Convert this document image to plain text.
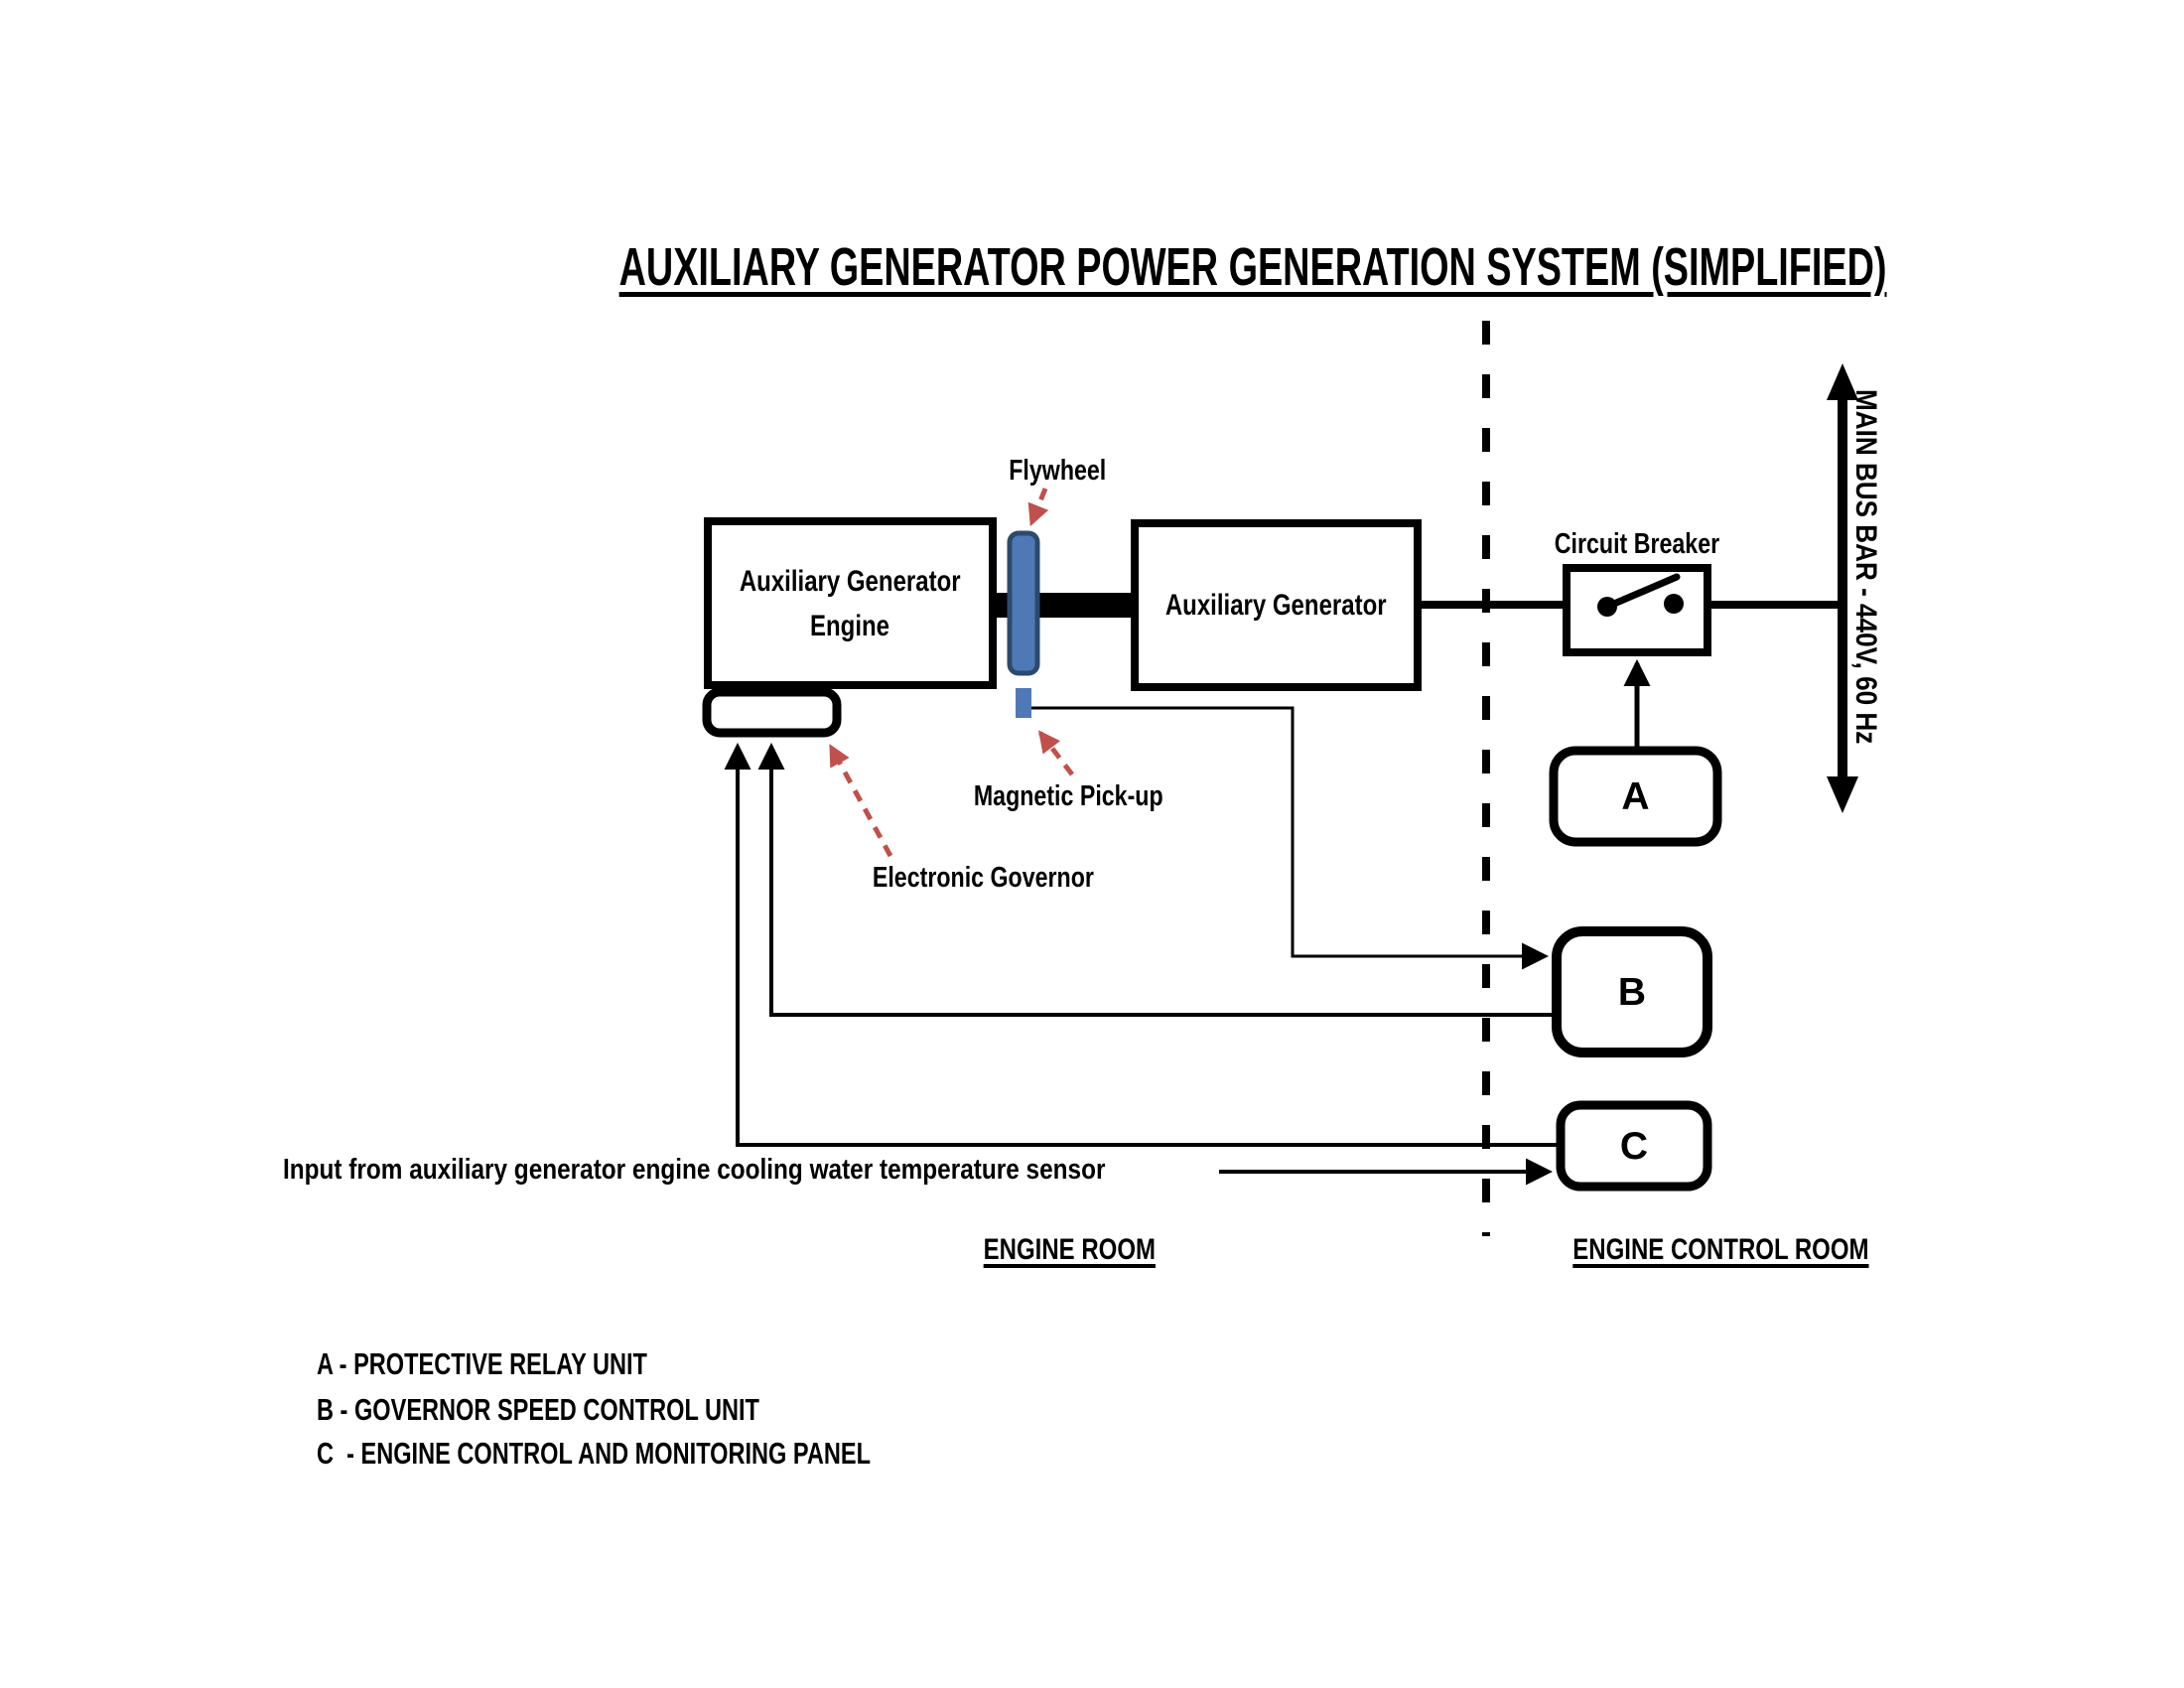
AUXILIARY GENERATOR POWER GENERATION SYSTEM (SIMPLIFIED)
Flywheel
Auxiliary Generator
Engine
Auxiliary Generator
Circuit Breaker	MAIN BUS BAR - 440V, 60 Hz
A
B
C
Magnetic Pick-up
Electronic Governor
Input from auxiliary generator engine cooling water temperature sensor
ENGINE ROOM	ENGINE CONTROL ROOM

A - PROTECTIVE RELAY UNIT

B - GOVERNOR SPEED CONTROL UNIT

C  - ENGINE CONTROL AND MONITORING PANEL
